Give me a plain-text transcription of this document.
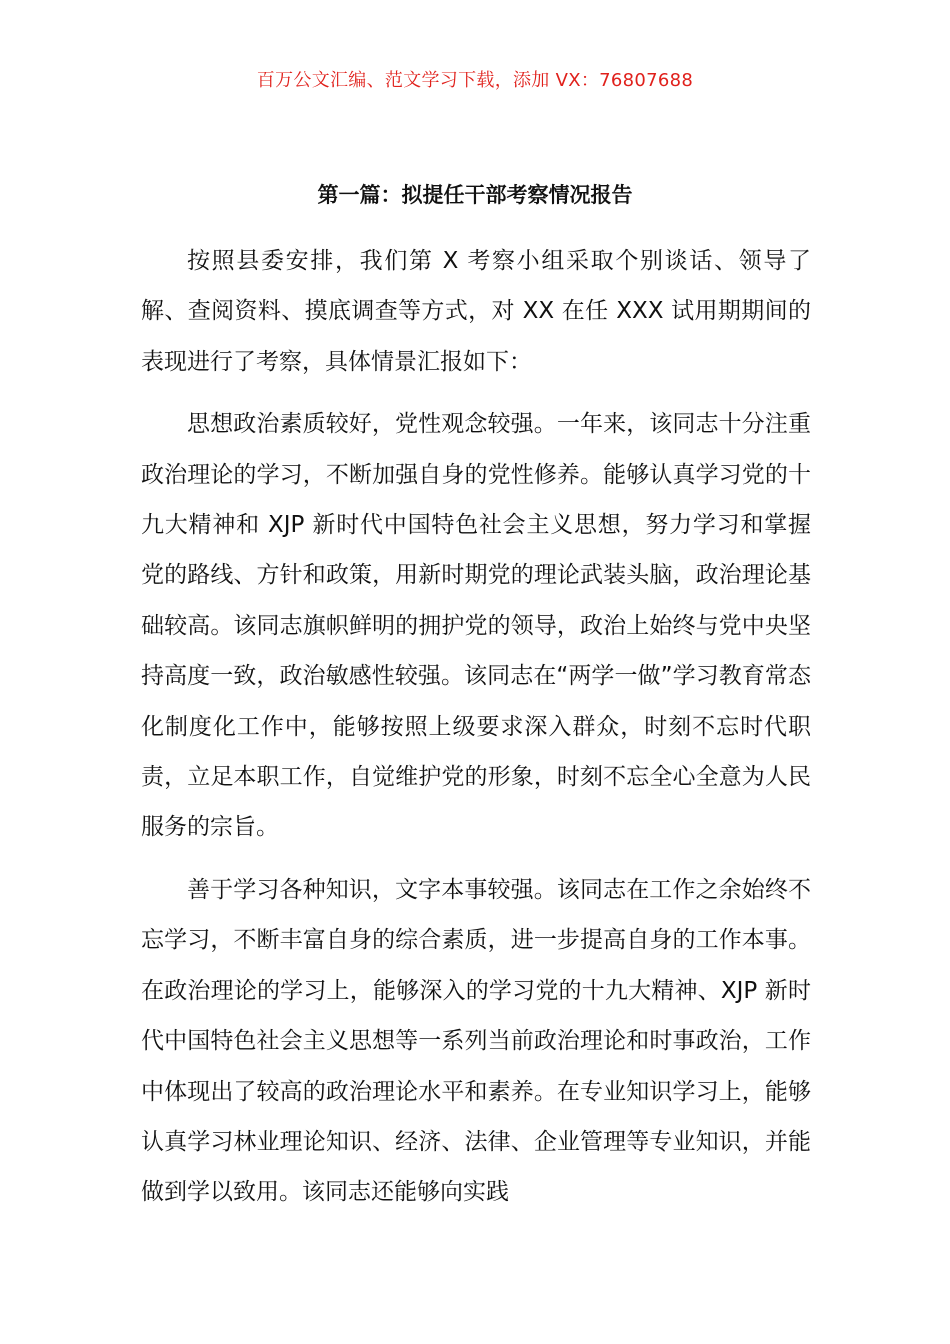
百万公文汇编、范文学习下载，添加 VX：76807688
第一篇：拟提任干部考察情况报告

按照县委安排，我们第 X 考察小组采取个别谈话、领导了解、查阅资料、摸底调查等方式，对 XX 在任 XXX 试用期期间的表现进行了考察，具体情景汇报如下：

思想政治素质较好，党性观念较强。一年来，该同志十分注重政治理论的学习，不断加强自身的党性修养。能够认真学习党的十九大精神和 XJP 新时代中国特色社会主义思想，努力学习和掌握党的路线、方针和政策，用新时期党的理论武装头脑，政治理论基础较高。该同志旗帜鲜明的拥护党的领导，政治上始终与党中央坚持高度一致，政治敏感性较强。该同志在“两学一做”学习教育常态化制度化工作中，能够按照上级要求深入群众，时刻不忘时代职责，立足本职工作，自觉维护党的形象，时刻不忘全心全意为人民服务的宗旨。

善于学习各种知识，文字本事较强。该同志在工作之余始终不忘学习，不断丰富自身的综合素质，进一步提高自身的工作本事。在政治理论的学习上，能够深入的学习党的十九大精神、XJP 新时代中国特色社会主义思想等一系列当前政治理论和时事政治，工作中体现出了较高的政治理论水平和素养。在专业知识学习上，能够认真学习林业理论知识、经济、法律、企业管理等专业知识，并能做到学以致用。该同志还能够向实践
